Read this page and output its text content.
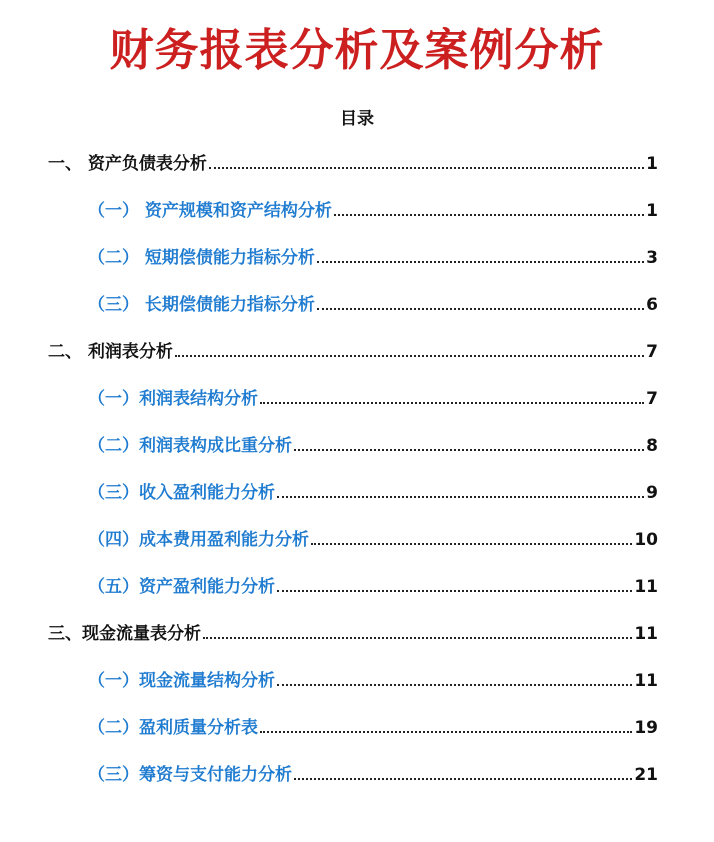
财务报表分析及案例分析
目录
一、 资产负债表分析	1
（一） 资产规模和资产结构分析	1
（二） 短期偿债能力指标分析	3
（三） 长期偿债能力指标分析	6
二、 利润表分析	7
（一）利润表结构分析	7
（二）利润表构成比重分析	8
（三）收入盈利能力分析	9
（四）成本费用盈利能力分析	10
（五）资产盈利能力分析	11
三、现金流量表分析	11
（一）现金流量结构分析	11
（二）盈利质量分析表	19
（三）筹资与支付能力分析	21
